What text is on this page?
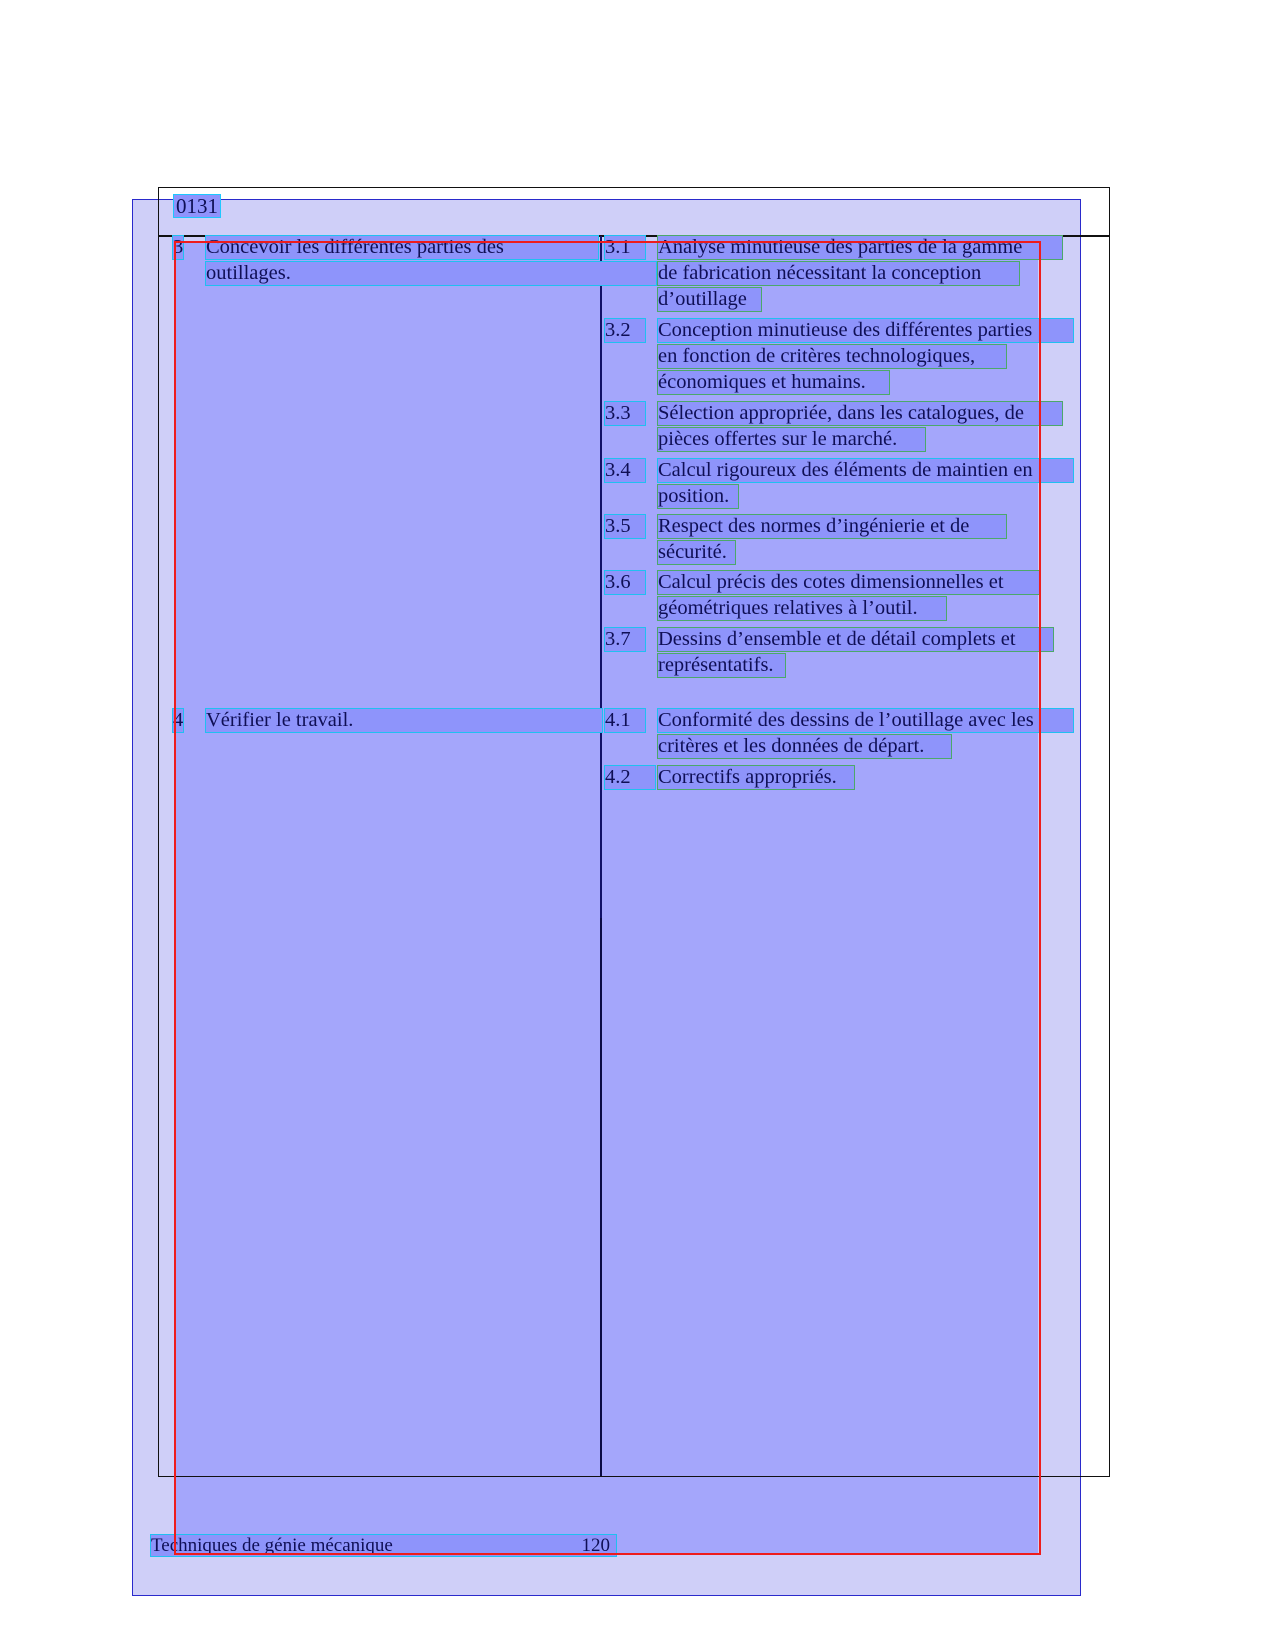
0131
3 Concevoir les différentes parties des
outillages.
3.1	Analyse minutieuse des parties de la gamme
de fabrication nécessitant la conception
d’outillage
3.2	Conception minutieuse des différentes parties
en fonction de critères technologiques,
économiques et humains.
3.3	Sélection appropriée, dans les catalogues, de
pièces offertes sur le marché.
3.4	Calcul rigoureux des éléments de maintien en
position.
3.5	Respect des normes d’ingénierie et de
sécurité.
3.6	Calcul précis des cotes dimensionnelles et
géométriques relatives à l’outil.
3.7	Dessins d’ensemble et de détail complets et
représentatifs.
4 Vérifier le travail.	4.1	Conformité des dessins de l’outillage avec les
critères et les données de départ.
4.2	Correctifs appropriés.
Techniques de génie mécanique	120
